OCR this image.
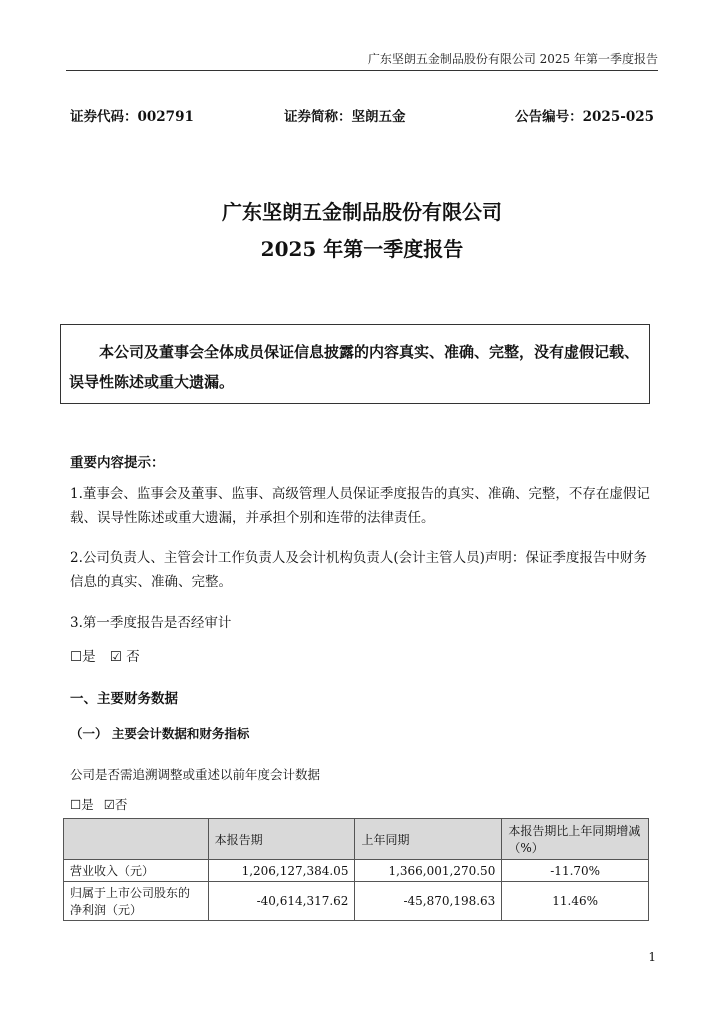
广东坚朗五金制品股份有限公司 2025 年第一季度报告
证券代码：002791	证券简称：坚朗五金	公告编号：2025-025
广东坚朗五金制品股份有限公司
2025 年第一季度报告
本公司及董事会全体成员保证信息披露的内容真实、准确、完整，没有虚假记载、误导性陈述或重大遗漏。
重要内容提示：
1.董事会、监事会及董事、监事、高级管理人员保证季度报告的真实、准确、完整，不存在虚假记载、误导性陈述或重大遗漏，并承担个别和连带的法律责任。
2.公司负责人、主管会计工作负责人及会计机构负责人(会计主管人员)声明：保证季度报告中财务信息的真实、准确、完整。
3.第一季度报告是否经审计
☐是 ☑ 否
一、主要财务数据
（一） 主要会计数据和财务指标
公司是否需追溯调整或重述以前年度会计数据
☐是 ☑否
	本报告期	上年同期	本报告期比上年同期增减（%）
营业收入（元）	1,206,127,384.05	1,366,001,270.50	-11.70%
归属于上市公司股东的净利润（元）	-40,614,317.62	-45,870,198.63	11.46%
1
